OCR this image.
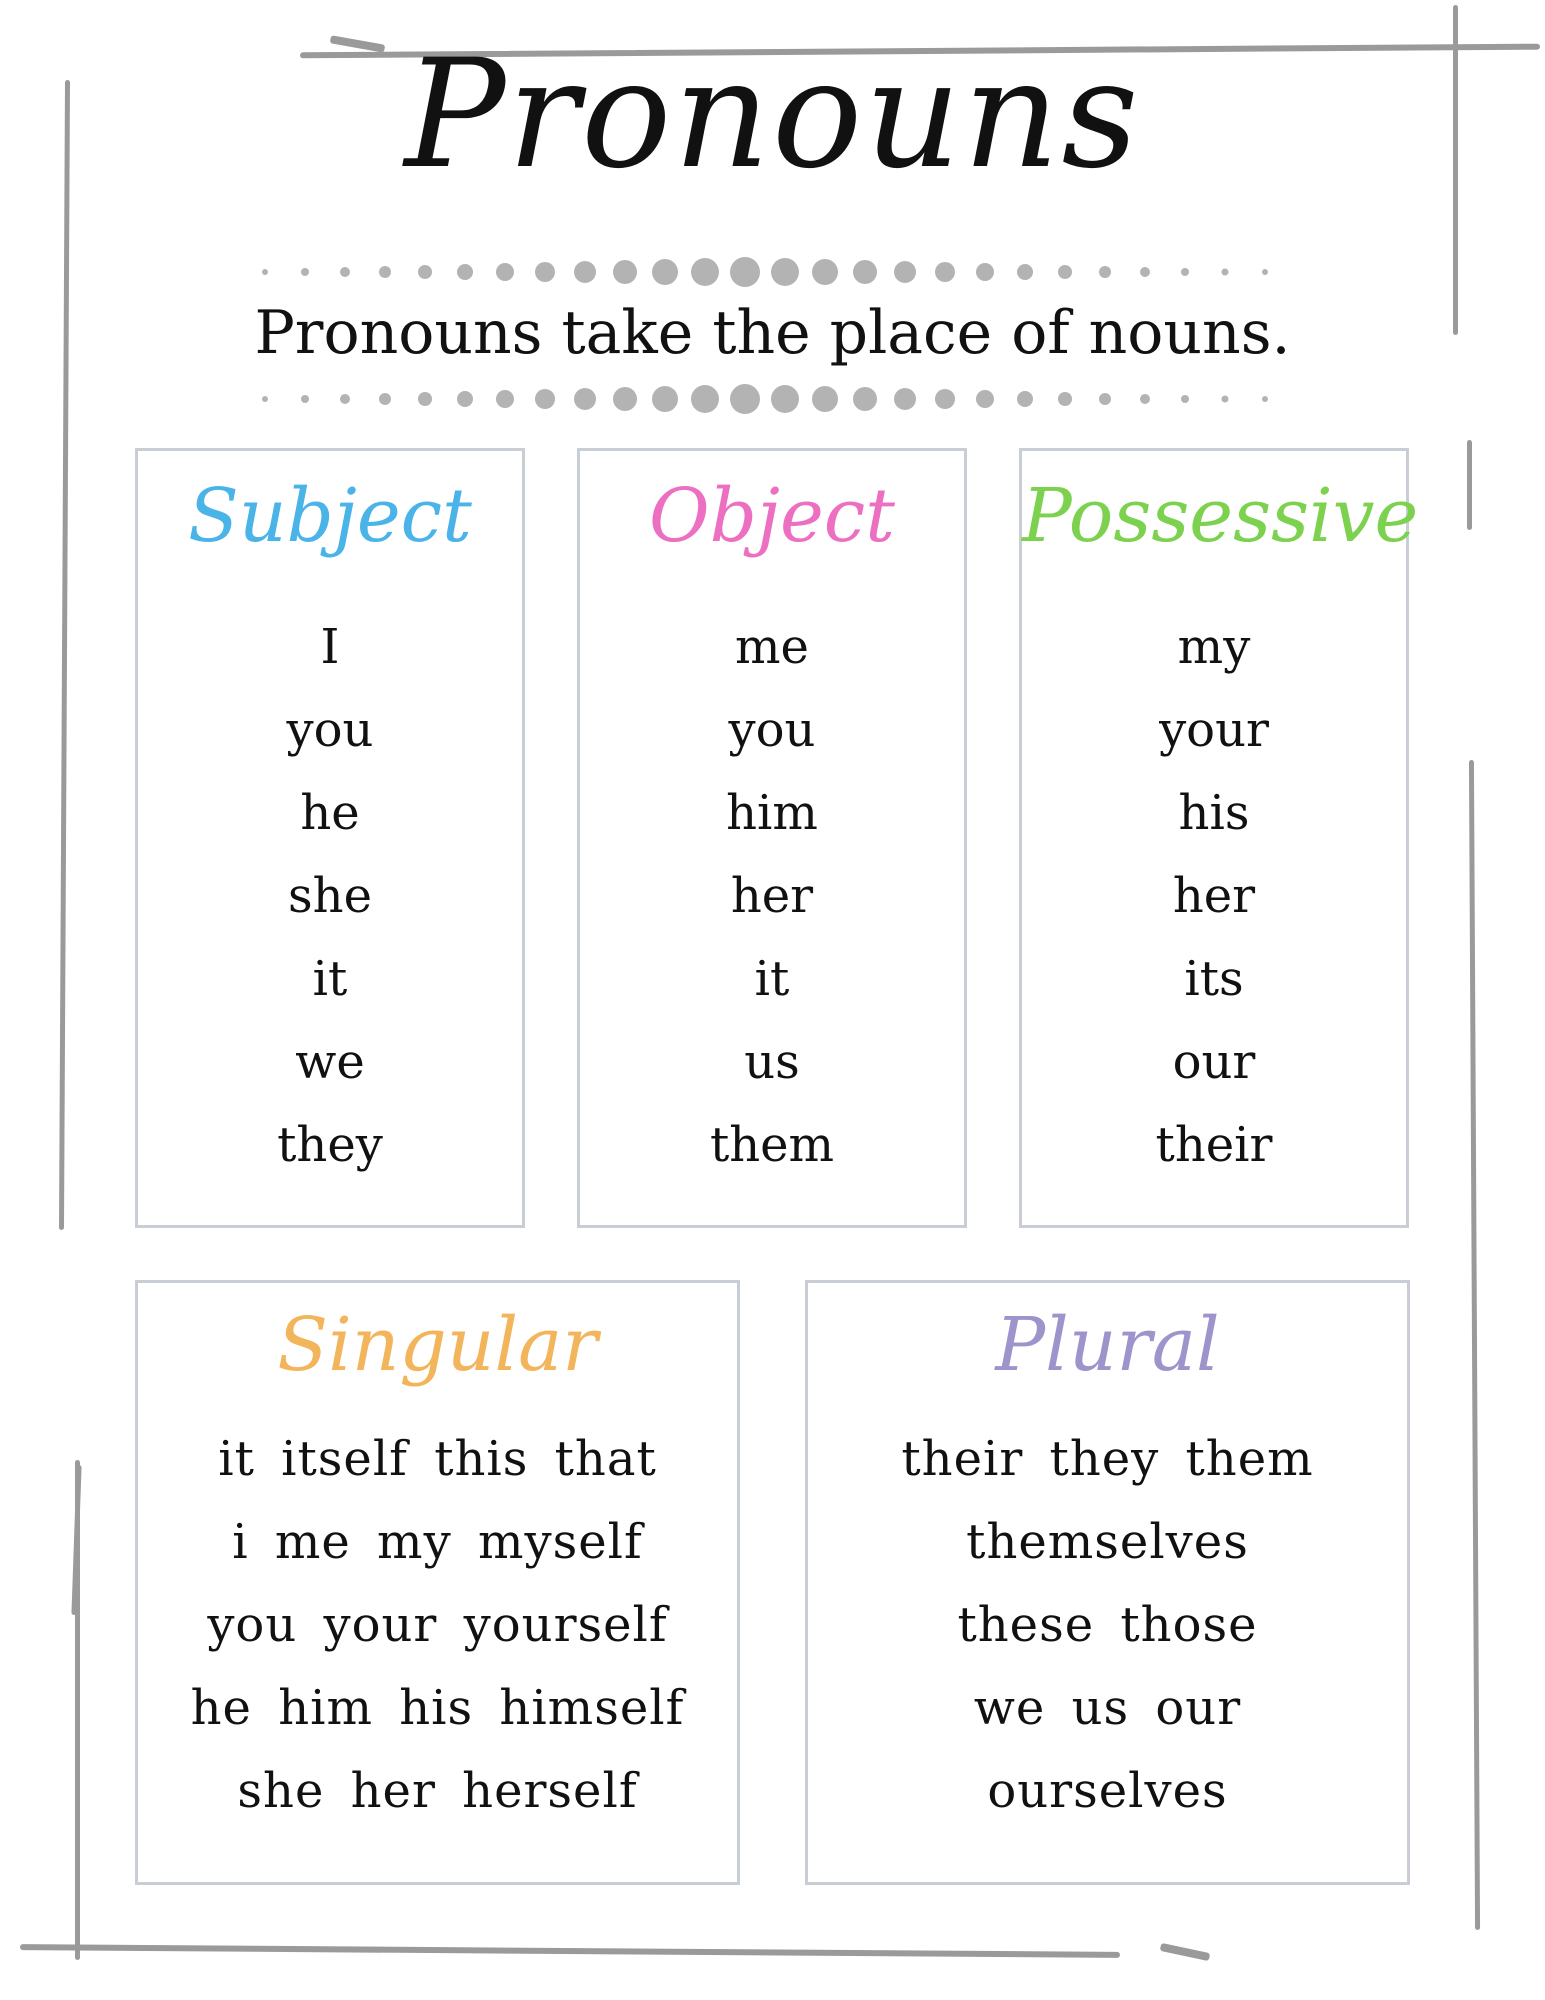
Pronouns
Pronouns take the place of nouns.
Subject
I
you
he
she
it
we
they
Object
me
you
him
her
it
us
them
Possessive
my
your
his
her
its
our
their
Singular
it itself this that
i me my myself
you your yourself
he him his himself
she her herself
Plural
their they them
themselves
these those
we us our
ourselves
